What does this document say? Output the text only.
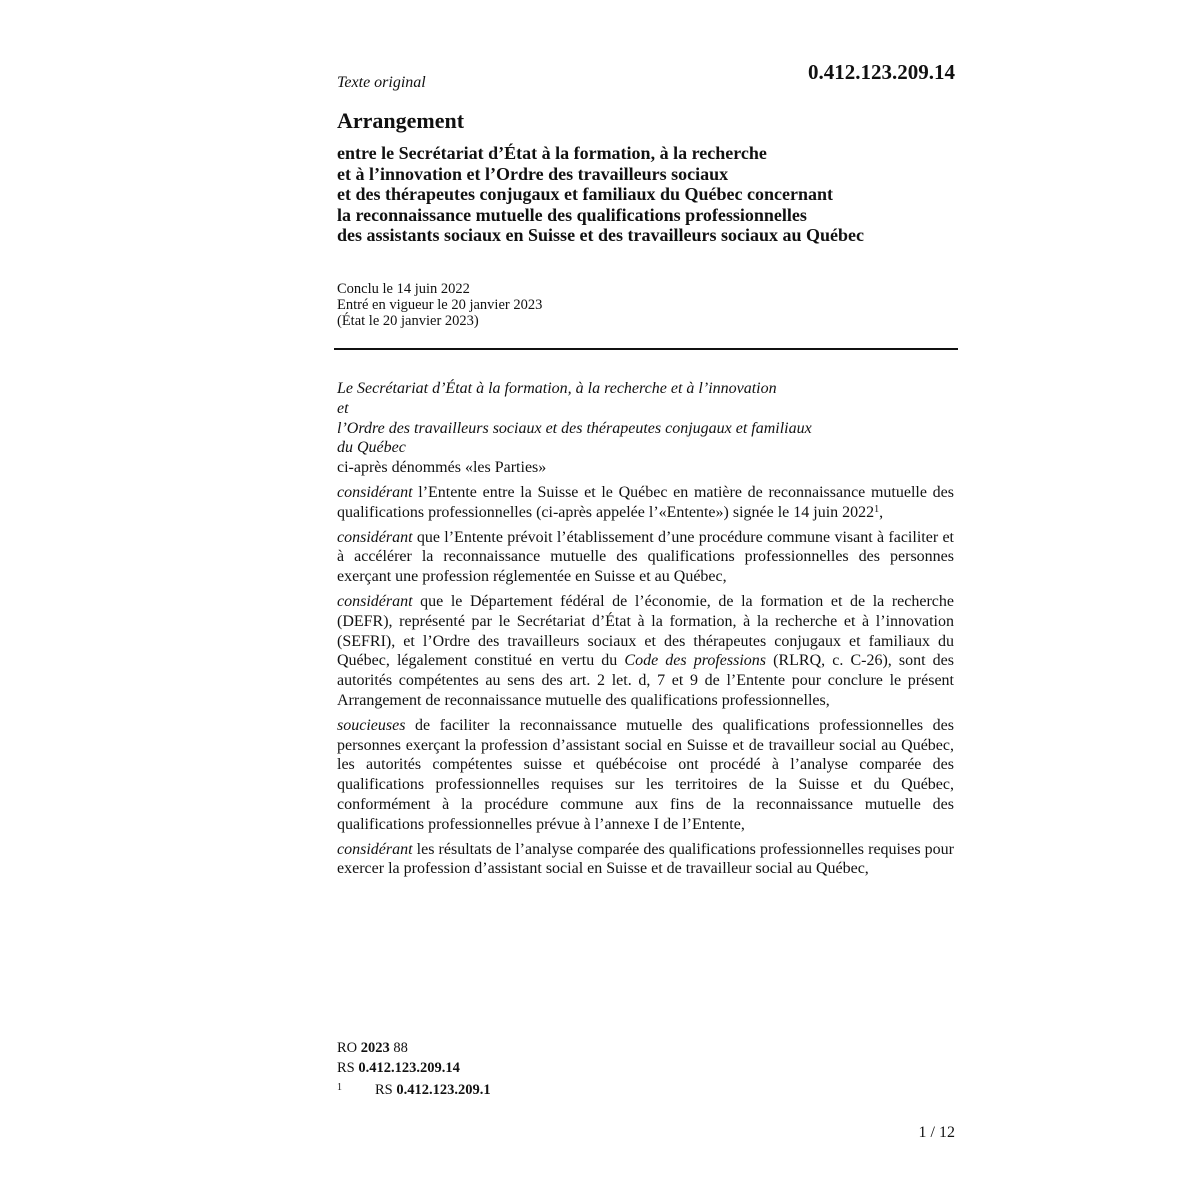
0.412.123.209.14
Texte original
Arrangement
entre le Secrétariat d’État à la formation, à la recherche
et à l’innovation et l’Ordre des travailleurs sociaux
et des thérapeutes conjugaux et familiaux du Québec concernant
la reconnaissance mutuelle des qualifications professionnelles
des assistants sociaux en Suisse et des travailleurs sociaux au Québec
Conclu le 14 juin 2022
Entré en vigueur le 20 janvier 2023
(État le 20 janvier 2023)
Le Secrétariat d’État à la formation, à la recherche et à l’innovation
et
l’Ordre des travailleurs sociaux et des thérapeutes conjugaux et familiaux
du Québec
ci-après dénommés «les Parties»

considérant l’Entente entre la Suisse et le Québec en matière de reconnaissance mutuelle des qualifications professionnelles (ci-après appelée l’«Entente») signée le 14 juin 2022$^1$,

considérant que l’Entente prévoit l’établissement d’une procédure commune visant à faciliter et à accélérer la reconnaissance mutuelle des qualifications professionnelles des personnes exerçant une profession réglementée en Suisse et au Québec,

considérant que le Département fédéral de l’économie, de la formation et de la recherche (DEFR), représenté par le Secrétariat d’État à la formation, à la recherche et à l’innovation (SEFRI), et l’Ordre des travailleurs sociaux et des thérapeutes conjugaux et familiaux du Québec, légalement constitué en vertu du Code des professions (RLRQ, c. C-26), sont des autorités compétentes au sens des art. 2 let. d, 7 et 9 de l’Entente pour conclure le présent Arrangement de reconnaissance mutuelle des qualifications professionnelles,

soucieuses de faciliter la reconnaissance mutuelle des qualifications professionnelles des personnes exerçant la profession d’assistant social en Suisse et de travailleur social au Québec, les autorités compétentes suisse et québécoise ont procédé à l’analyse comparée des qualifications professionnelles requises sur les territoires de la Suisse et du Québec, conformément à la procédure commune aux fins de la reconnaissance mutuelle des qualifications professionnelles prévue à l’annexe I de l’Entente,

considérant les résultats de l’analyse comparée des qualifications professionnelles requises pour exercer la profession d’assistant social en Suisse et de travailleur social au Québec,

RO 2023 88
RS 0.412.123.209.14
1 RS 0.412.123.209.1
1 / 12
